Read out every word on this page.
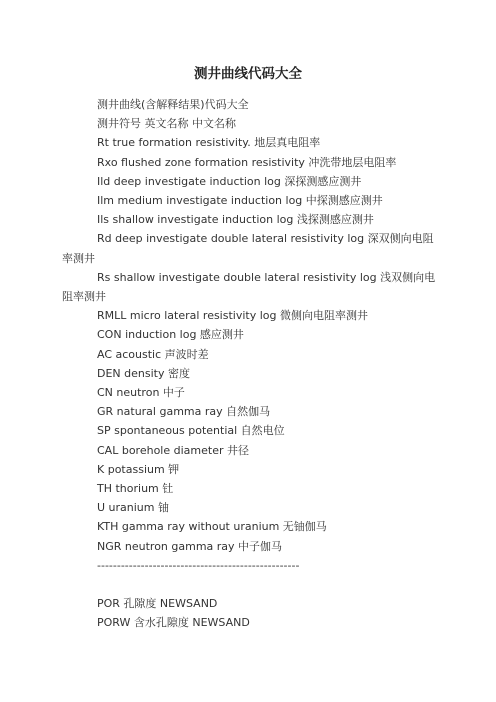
测井曲线代码大全

测井曲线(含解释结果)代码大全

测井符号 英文名称 中文名称

Rt true formation resistivity. 地层真电阻率

Rxo flushed zone formation resistivity 冲洗带地层电阻率

Ild deep investigate induction log 深探测感应测井

Ilm medium investigate induction log 中探测感应测井

Ils shallow investigate induction log 浅探测感应测井

Rd deep investigate double lateral resistivity log 深双侧向电阻率测井

Rs shallow investigate double lateral resistivity log 浅双侧向电阻率测井

RMLL micro lateral resistivity log 微侧向电阻率测井

CON induction log 感应测井

AC acoustic 声波时差

DEN density 密度

CN neutron 中子

GR natural gamma ray 自然伽马

SP spontaneous potential 自然电位

CAL borehole diameter 井径

K potassium 钾

TH thorium 钍

U uranium 铀

KTH gamma ray without uranium 无铀伽马

NGR neutron gamma ray 中子伽马

---------------------------------------------------

POR 孔隙度 NEWSAND

PORW 含水孔隙度 NEWSAND
